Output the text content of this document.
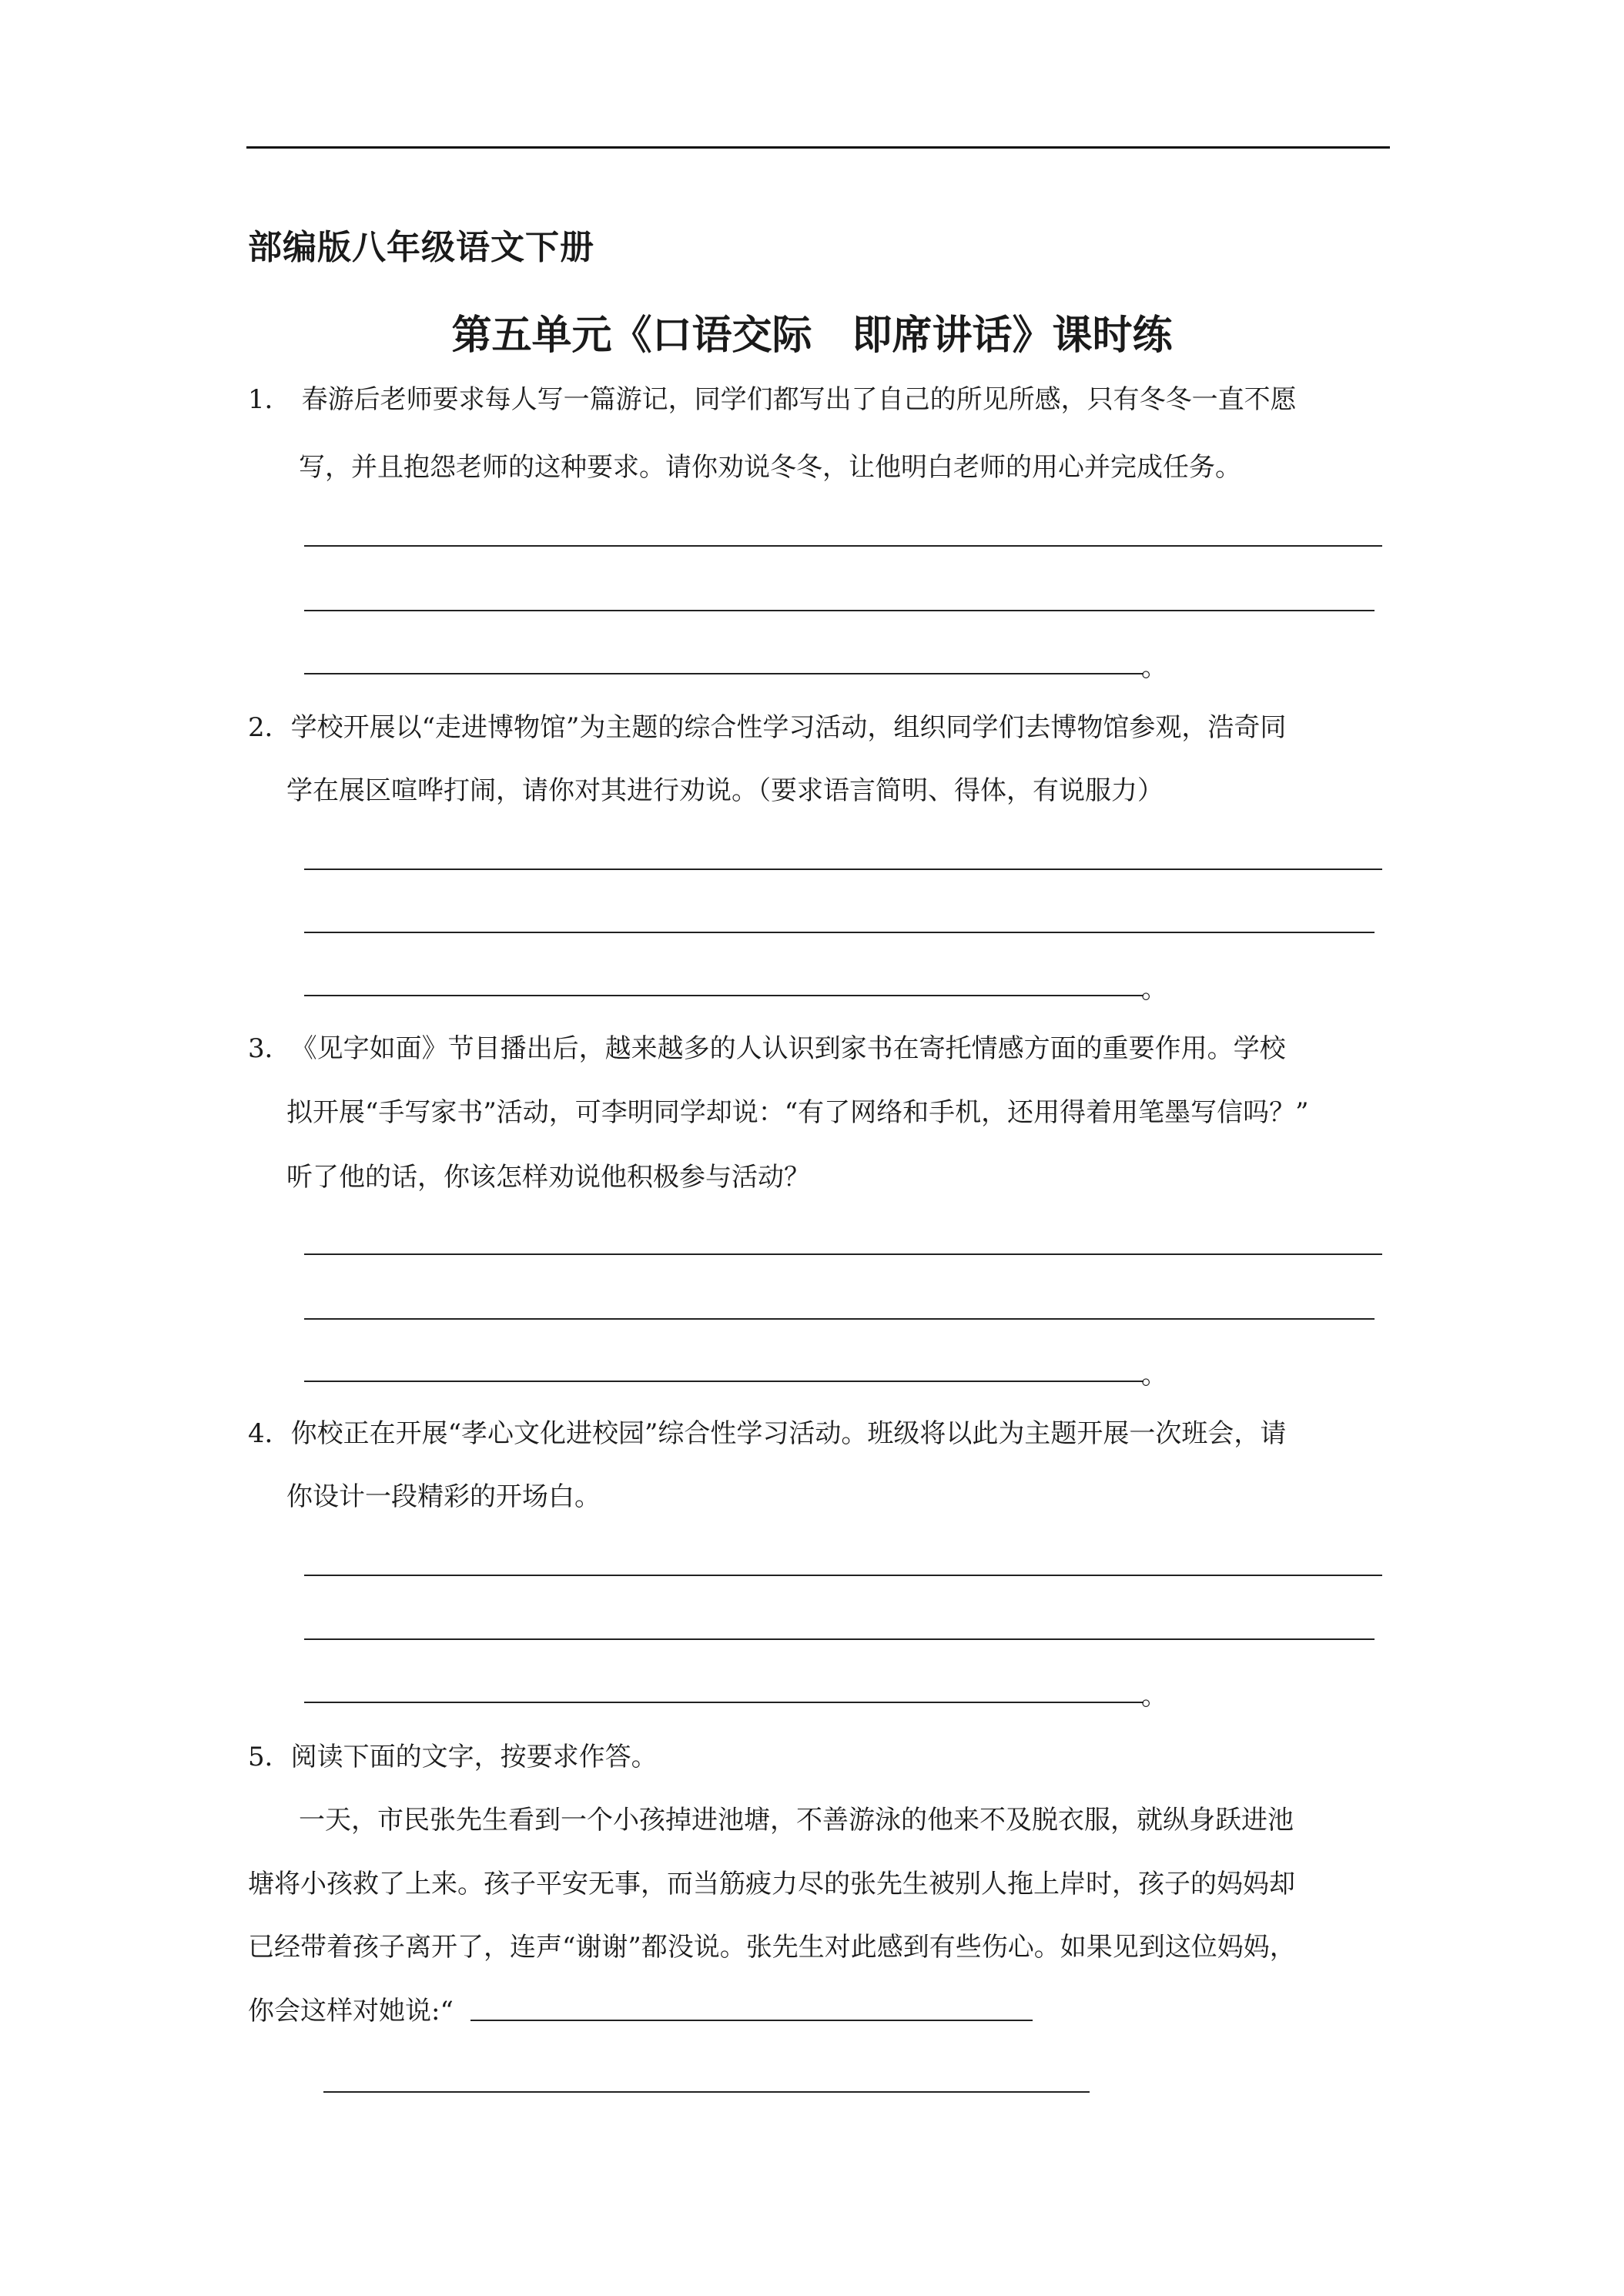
部编版八年级语文下册
第五单元《口语交际　即席讲话》课时练
1． 春游后老师要求每人写一篇游记，同学们都写出了自己的所见所感，只有冬冬一直不愿
写，并且抱怨老师的这种要求。请你劝说冬冬，让他明白老师的用心并完成任务。
。
2．学校开展以“走进博物馆”为主题的综合性学习活动，组织同学们去博物馆参观，浩奇同
学在展区喧哗打闹，请你对其进行劝说。（要求语言简明、得体，有说服力）
。
3．《见字如面》节目播出后，越来越多的人认识到家书在寄托情感方面的重要作用。学校
拟开展“手写家书”活动，可李明同学却说：“有了网络和手机，还用得着用笔墨写信吗？”
听了他的话，你该怎样劝说他积极参与活动？
。
4．你校正在开展“孝心文化进校园”综合性学习活动。班级将以此为主题开展一次班会，请
你设计一段精彩的开场白。
。
5．阅读下面的文字，按要求作答。
一天，市民张先生看到一个小孩掉进池塘，不善游泳的他来不及脱衣服，就纵身跃进池
塘将小孩救了上来。孩子平安无事，而当筋疲力尽的张先生被别人拖上岸时，孩子的妈妈却
已经带着孩子离开了，连声“谢谢”都没说。张先生对此感到有些伤心。如果见到这位妈妈，
你会这样对她说:“
